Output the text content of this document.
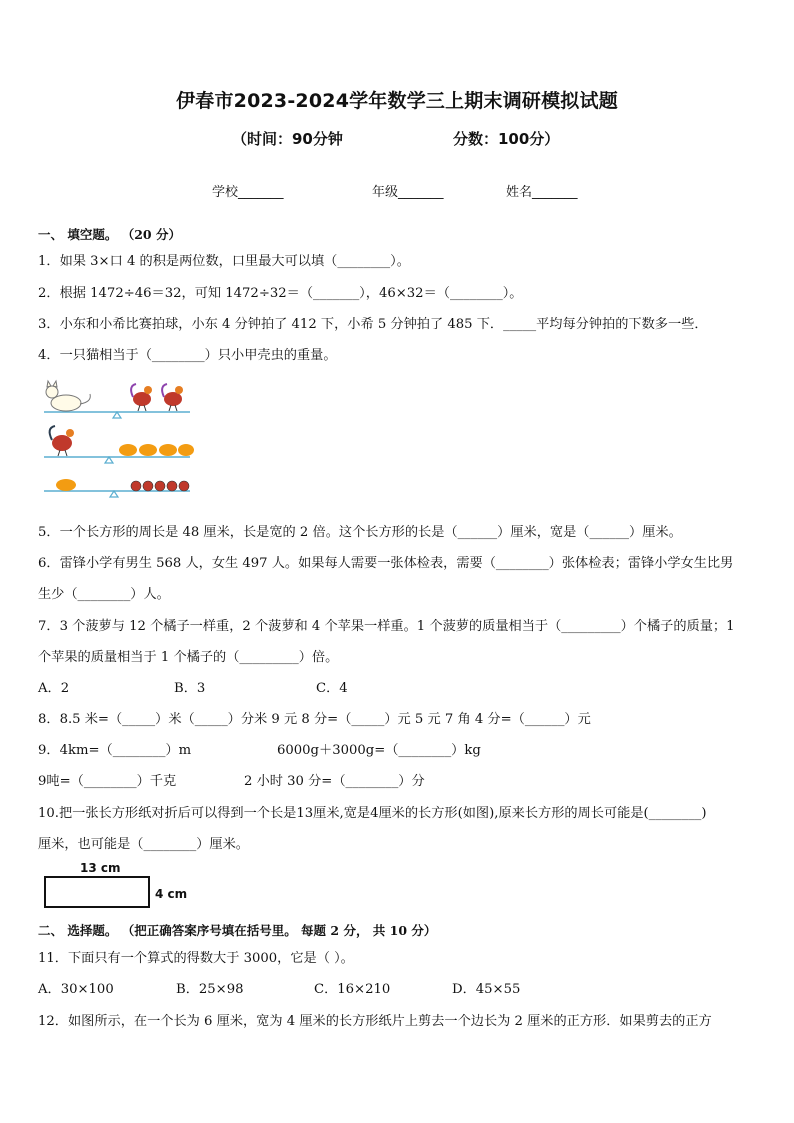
伊春市2023-2024学年数学三上期末调研模拟试题
（时间：90分钟	分数：100分）
学校_______	年级_______	姓名_______
一、 填空题。 （20 分）
1．如果 3×口 4 的积是两位数，口里最大可以填（________）。
2．根据 1472÷46＝32，可知 1472÷32＝（_______），46×32＝（________）。
3．小东和小希比赛拍球，小东 4 分钟拍了 412 下，小希 5 分钟拍了 485 下．_____平均每分钟拍的下数多一些．
4．一只猫相当于（________）只小甲壳虫的重量。
5．一个长方形的周长是 48 厘米，长是宽的 2 倍。这个长方形的长是（______）厘米，宽是（______）厘米。
6．雷锋小学有男生 568 人，女生 497 人。如果每人需要一张体检表，需要（________）张体检表；雷锋小学女生比男
生少（________）人。
7．3 个菠萝与 12 个橘子一样重，2 个菠萝和 4 个苹果一样重。1 个菠萝的质量相当于（_________）个橘子的质量；1
个苹果的质量相当于 1 个橘子的（_________）倍。
A．2	B．3	C．4
8．8.5 米=（_____）米（_____）分米 9 元 8 分=（_____）元 5 元 7 角 4 分=（______）元
9．4km=（________）m	6000g＋3000g=（________）kg
9吨=（________）千克	2 小时 30 分=（________）分
10.把一张长方形纸对折后可以得到一个长是13厘米,宽是4厘米的长方形(如图),原来长方形的周长可能是(________)
厘米，也可能是（________）厘米。
13 cm
4 cm
二、 选择题。 （把正确答案序号填在括号里。 每题 2 分， 共 10 分）
11．下面只有一个算式的得数大于 3000，它是（ ）。
A．30×100	B．25×98	C．16×210	D．45×55
12．如图所示，在一个长为 6 厘米，宽为 4 厘米的长方形纸片上剪去一个边长为 2 厘米的正方形．如果剪去的正方
